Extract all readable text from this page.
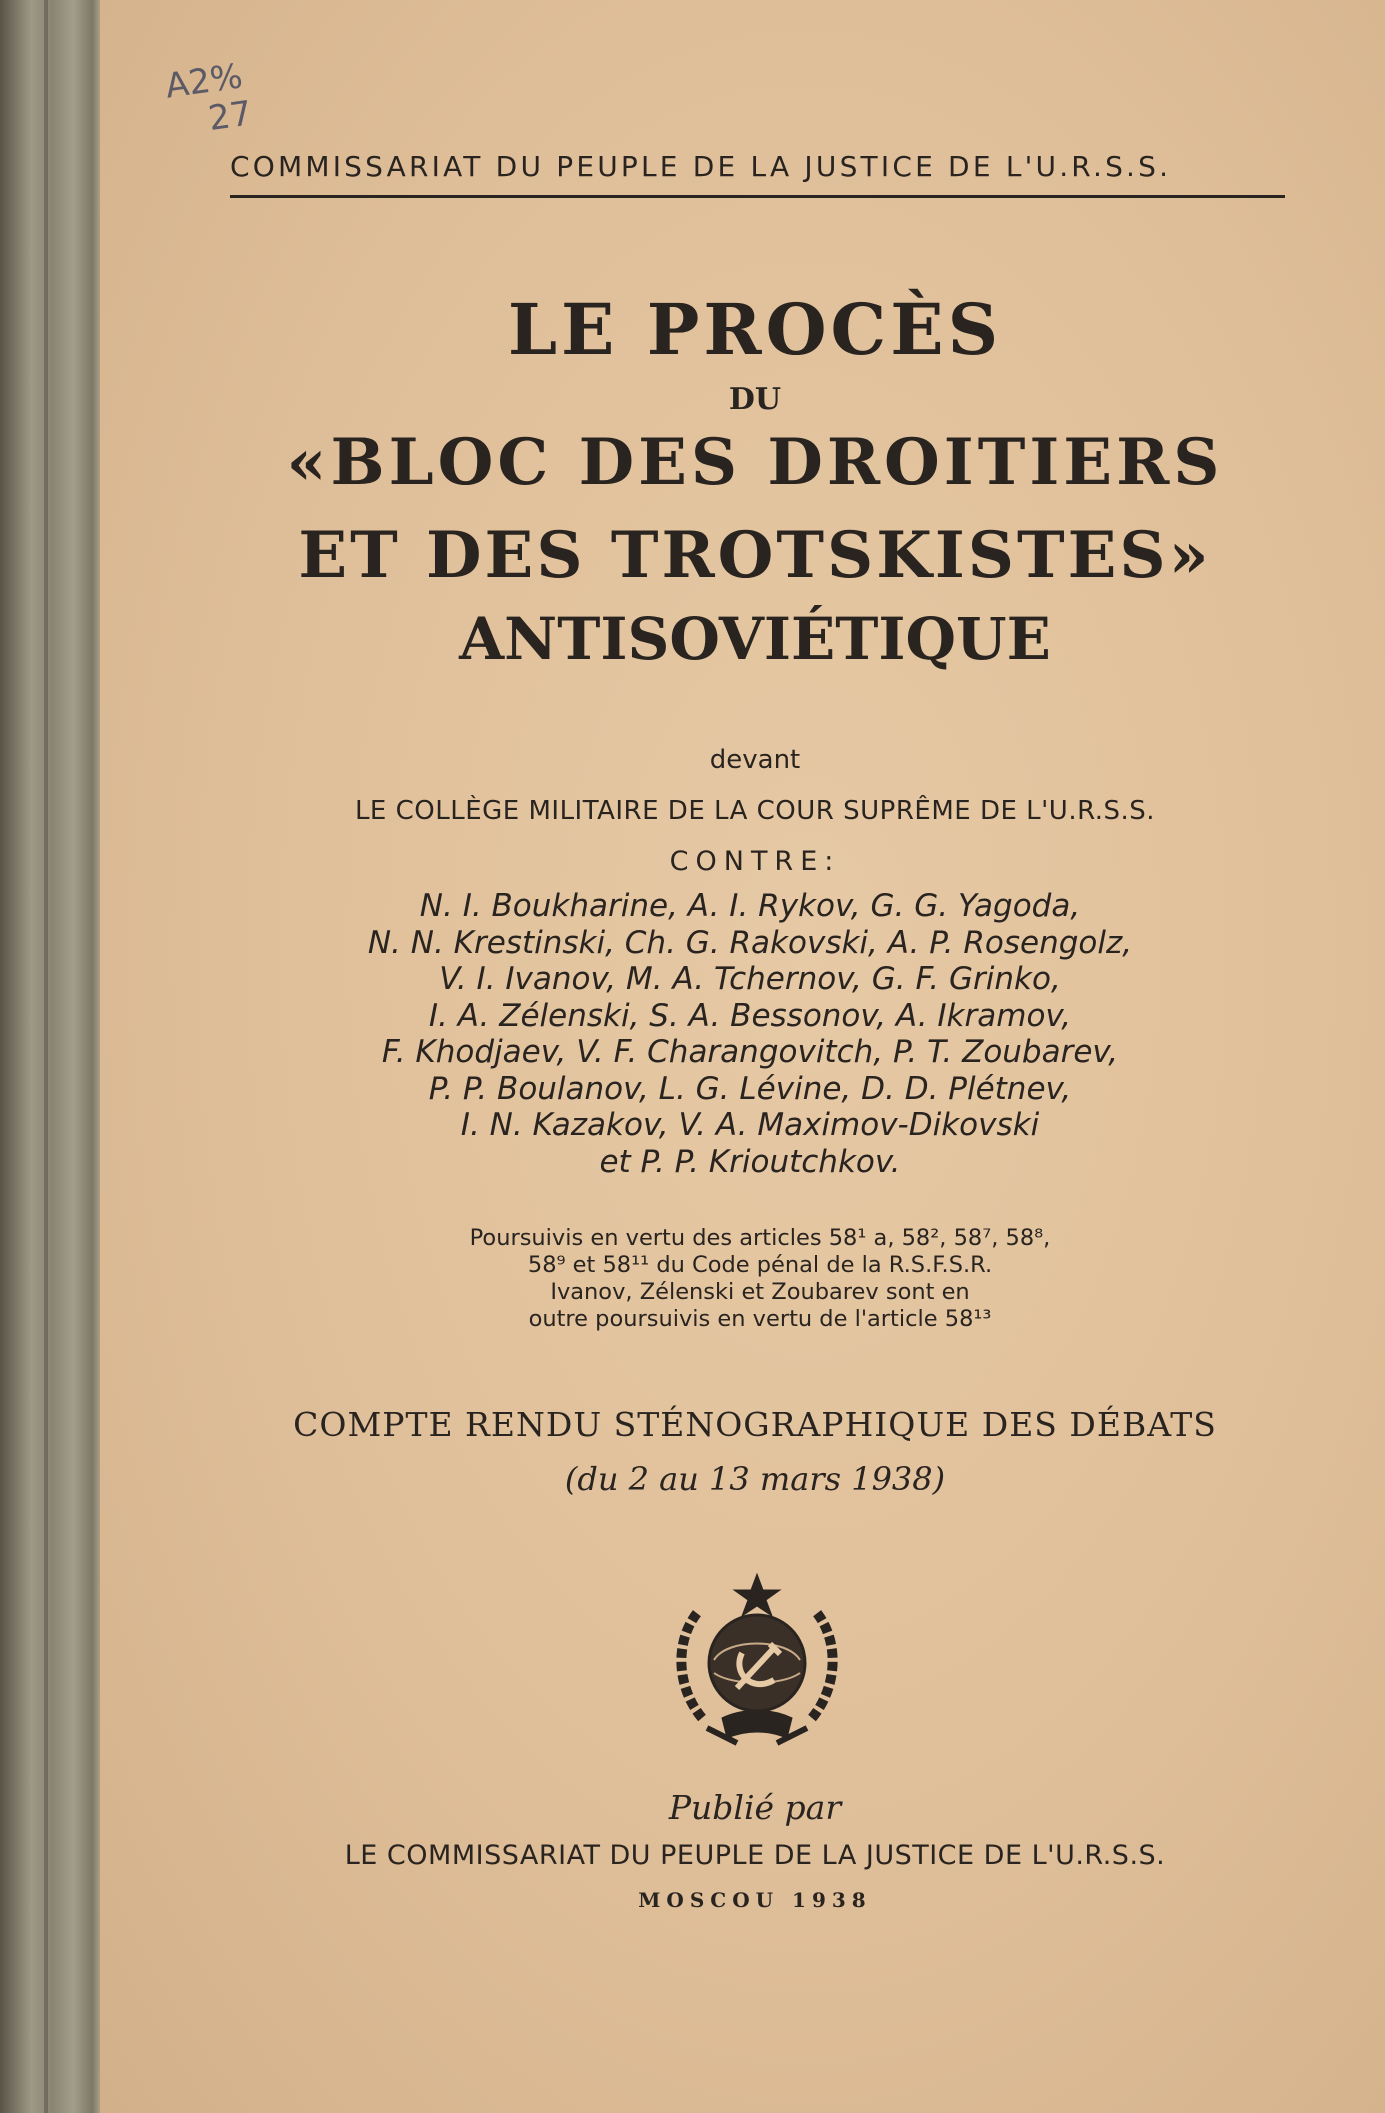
A2%
27
COMMISSARIAT DU PEUPLE DE LA JUSTICE DE L'U.R.S.S.
LE PROCÈS
DU
«BLOC DES DROITIERS
ET DES TROTSKISTES»
ANTISOVIÉTIQUE
devant
LE COLLÈGE MILITAIRE DE LA COUR SUPRÊME DE L'U.R.S.S.
CONTRE:
N. I. Boukharine, A. I. Rykov, G. G. Yagoda,
N. N. Krestinski, Ch. G. Rakovski, A. P. Rosengolz,
V. I. Ivanov, M. A. Tchernov, G. F. Grinko,
I. A. Zélenski, S. A. Bessonov, A. Ikramov,
F. Khodjaev, V. F. Charangovitch, P. T. Zoubarev,
P. P. Boulanov, L. G. Lévine, D. D. Plétnev,
I. N. Kazakov, V. A. Maximov-Dikovski
et P. P. Krioutchkov.
Poursuivis en vertu des articles 58¹ a, 58², 58⁷, 58⁸,
58⁹ et 58¹¹ du Code pénal de la R.S.F.S.R.
Ivanov, Zélenski et Zoubarev sont en
outre poursuivis en vertu de l'article 58¹³
COMPTE RENDU STÉNOGRAPHIQUE DES DÉBATS
(du 2 au 13 mars 1938)
Publié par
LE COMMISSARIAT DU PEUPLE DE LA JUSTICE DE L'U.R.S.S.
MOSCOU 1938
